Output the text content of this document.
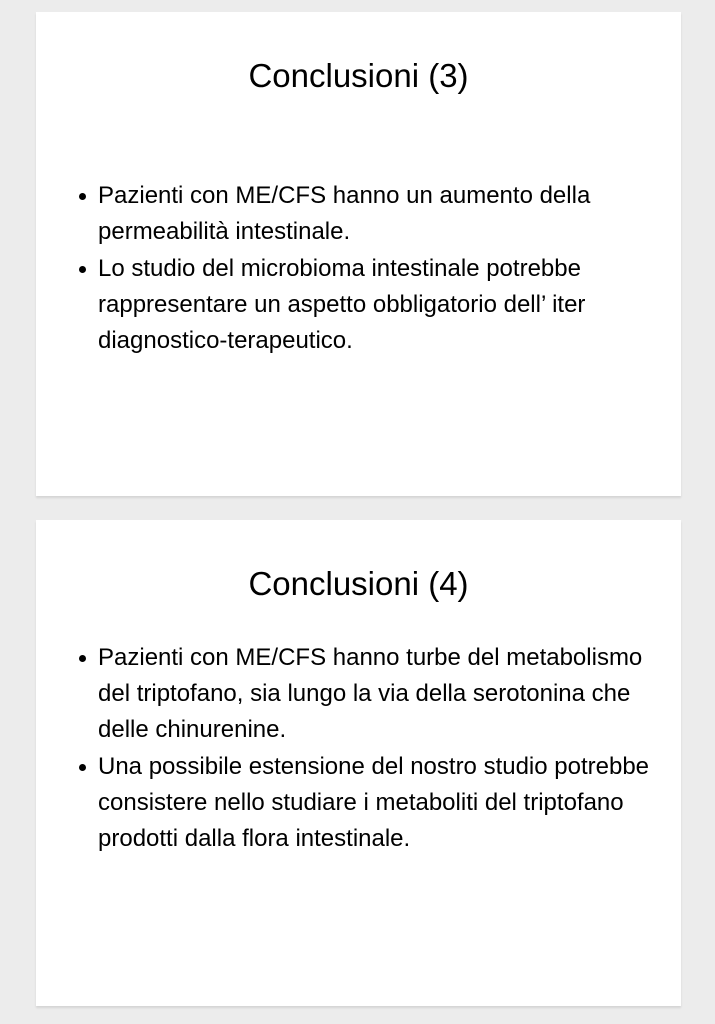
Conclusioni (3)
Pazienti con ME/CFS hanno un aumento della permeabilità intestinale.
Lo studio del microbioma intestinale potrebbe rappresentare un aspetto obbligatorio dell’ iter diagnostico-terapeutico.
Conclusioni (4)
Pazienti con ME/CFS hanno turbe del metabolismo del triptofano, sia lungo la via della serotonina che delle chinurenine.
Una possibile estensione del nostro studio potrebbe consistere nello studiare i metaboliti del triptofano prodotti dalla flora intestinale.
